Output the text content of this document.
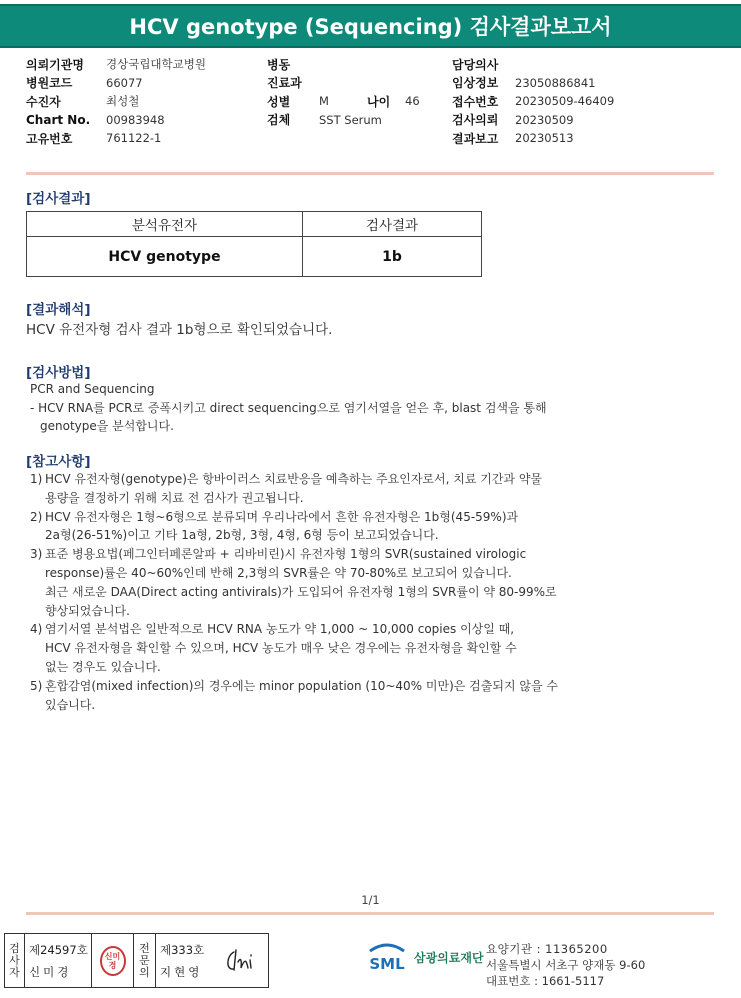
HCV genotype (Sequencing) 검사결과보고서
의뢰기관명	경상국립대학교병원
병원코드	66077
수진자	최성철
Chart No.	00983948
고유번호	761122-1
병동
진료과
성별	M	나이	46
검체	SST Serum
담당의사
임상정보	23050886841
접수번호	20230509-46409
검사의뢰	20230509
결과보고	20230513
[검사결과]
분석유전자	검사결과
HCV genotype	1b
[결과해석]
HCV 유전자형 검사 결과 1b형으로 확인되었습니다.
[검사방법]
PCR and Sequencing
- HCV RNA를 PCR로 증폭시키고 direct sequencing으로 염기서열을 얻은 후, blast 검색을 통해
genotype을 분석합니다.
[참고사항]
1) HCV 유전자형(genotype)은 항바이러스 치료반응을 예측하는 주요인자로서, 치료 기간과 약물
용량을 결정하기 위해 치료 전 검사가 권고됩니다.
2) HCV 유전자형은 1형~6형으로 분류되며 우리나라에서 흔한 유전자형은 1b형(45-59%)과
2a형(26-51%)이고 기타 1a형, 2b형, 3형, 4형, 6형 등이 보고되었습니다.
3) 표준 병용요법(페그인터페론알파 + 리바비린)시 유전자형 1형의 SVR(sustained virologic
response)률은 40~60%인데 반해 2,3형의 SVR률은 약 70-80%로 보고되어 있습니다.
최근 새로운 DAA(Direct acting antivirals)가 도입되어 유전자형 1형의 SVR률이 약 80-99%로
향상되었습니다.
4) 염기서열 분석법은 일반적으로 HCV RNA 농도가 약 1,000 ~ 10,000 copies 이상일 때,
HCV 유전자형을 확인할 수 있으며, HCV 농도가 매우 낮은 경우에는 유전자형을 확인할 수
없는 경우도 있습니다.
5) 혼합감염(mixed infection)의 경우에는 minor population (10~40% 미만)은 검출되지 않을 수
있습니다.
1/1
검
사
자
제24597호
신미경
신미
경
전
문
의
제333호
지현영	SML 삼광의료재단
요양기관 : 11365200
서울특별시 서초구 양재동 9-60
대표번호 : 1661-5117
